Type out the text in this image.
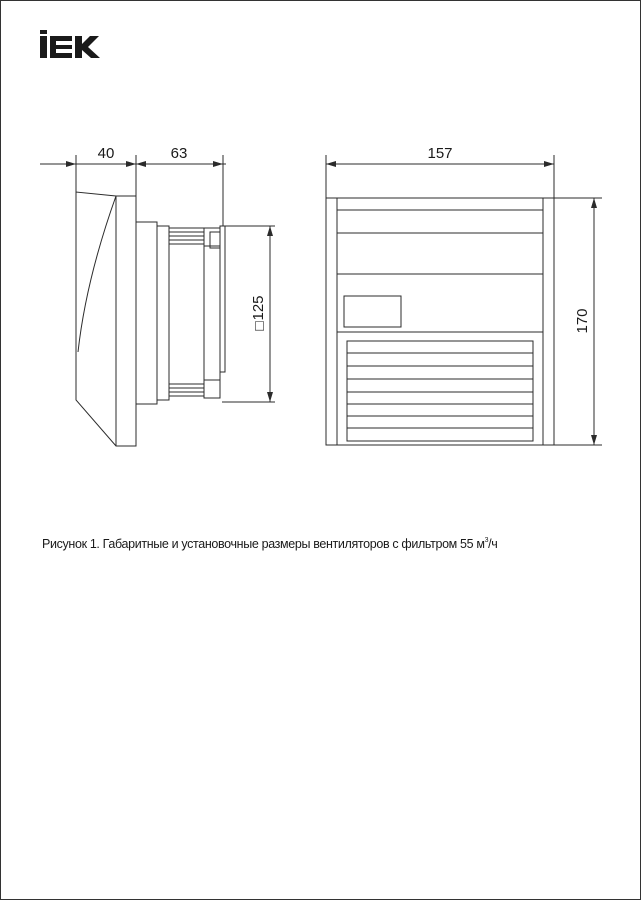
40	63	157
125
□	170
Рисунок 1. Габаритные и установочные размеры вентиляторов с фильтром 55 $м^3/ч$
